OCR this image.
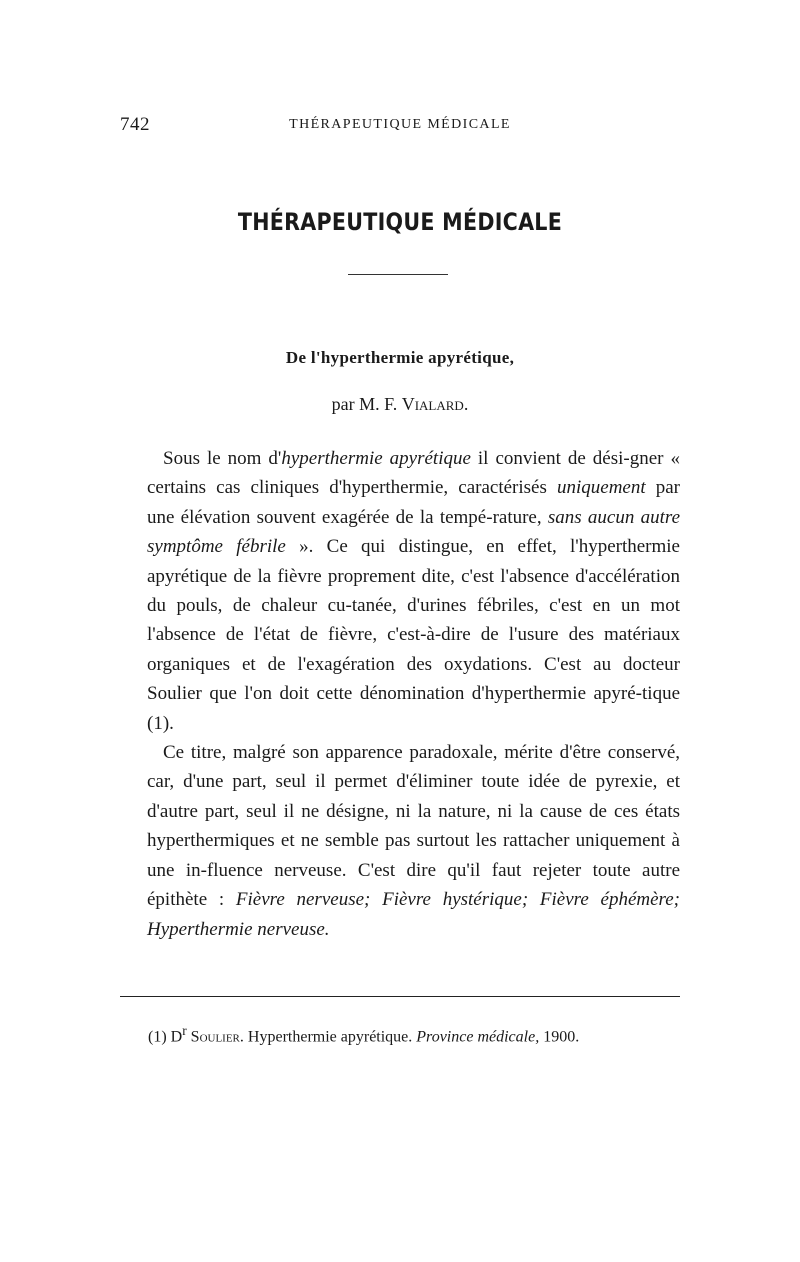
742	THÉRAPEUTIQUE MÉDICALE
THÉRAPEUTIQUE MÉDICALE
De l'hyperthermie apyrétique,
par M. F. Vialard.

Sous le nom d'hyperthermie apyrétique il convient de dési-gner « certains cas cliniques d'hyperthermie, caractérisés uniquement par une élévation souvent exagérée de la tempé-rature, sans aucun autre symptôme fébrile ». Ce qui distingue, en effet, l'hyperthermie apyrétique de la fièvre proprement dite, c'est l'absence d'accélération du pouls, de chaleur cu-tanée, d'urines fébriles, c'est en un mot l'absence de l'état de fièvre, c'est-à-dire de l'usure des matériaux organiques et de l'exagération des oxydations. C'est au docteur Soulier que l'on doit cette dénomination d'hyperthermie apyré-tique (1).

Ce titre, malgré son apparence paradoxale, mérite d'être conservé, car, d'une part, seul il permet d'éliminer toute idée de pyrexie, et d'autre part, seul il ne désigne, ni la nature, ni la cause de ces états hyperthermiques et ne semble pas surtout les rattacher uniquement à une in-fluence nerveuse. C'est dire qu'il faut rejeter toute autre épithète : Fièvre nerveuse; Fièvre hystérique; Fièvre éphémère; Hyperthermie nerveuse.

(1) $D^r$ Soulier. Hyperthermie apyrétique. Province médicale, 1900.
